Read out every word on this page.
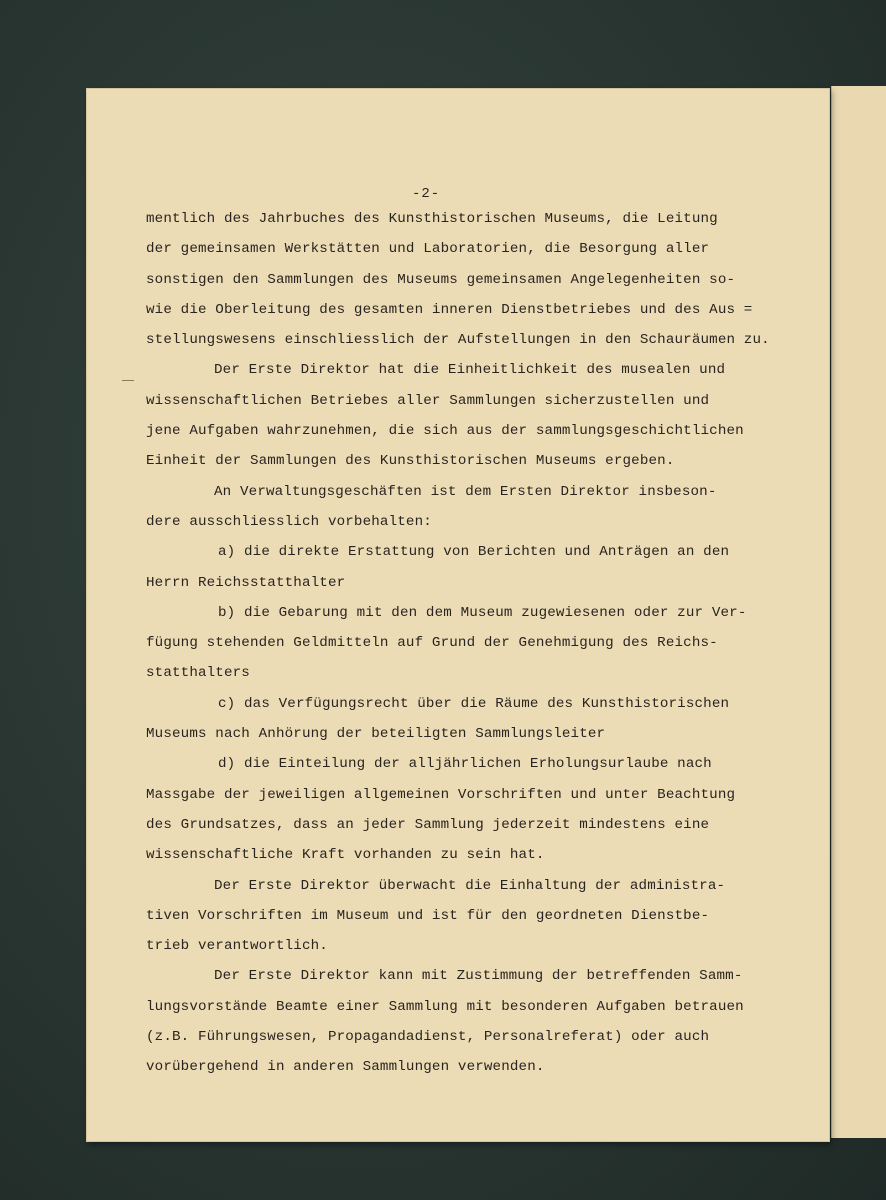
-2-
mentlich des Jahrbuches des Kunsthistorischen Museums, die Leitung
der gemeinsamen Werkstätten und Laboratorien, die Besorgung aller
sonstigen den Sammlungen des Museums gemeinsamen Angelegenheiten so-
wie die Oberleitung des gesamten inneren Dienstbetriebes und des Aus =
stellungswesens einschliesslich der Aufstellungen in den Schauräumen zu.
Der Erste Direktor hat die Einheitlichkeit des musealen und
wissenschaftlichen Betriebes aller Sammlungen sicherzustellen und
jene Aufgaben wahrzunehmen, die sich aus der sammlungsgeschichtlichen
Einheit der Sammlungen des Kunsthistorischen Museums ergeben.
An Verwaltungsgeschäften ist dem Ersten Direktor insbeson-
dere ausschliesslich vorbehalten:
a) die direkte Erstattung von Berichten und Anträgen an den
Herrn Reichsstatthalter
b) die Gebarung mit den dem Museum zugewiesenen oder zur Ver-
fügung stehenden Geldmitteln auf Grund der Genehmigung des Reichs-
statthalters
c) das Verfügungsrecht über die Räume des Kunsthistorischen
Museums nach Anhörung der beteiligten Sammlungsleiter
d) die Einteilung der alljährlichen Erholungsurlaube nach
Massgabe der jeweiligen allgemeinen Vorschriften und unter Beachtung
des Grundsatzes, dass an jeder Sammlung jederzeit mindestens eine
wissenschaftliche Kraft vorhanden zu sein hat.
Der Erste Direktor überwacht die Einhaltung der administra-
tiven Vorschriften im Museum und ist für den geordneten Dienstbe-
trieb verantwortlich.
Der Erste Direktor kann mit Zustimmung der betreffenden Samm-
lungsvorstände Beamte einer Sammlung mit besonderen Aufgaben betrauen
(z.B. Führungswesen, Propagandadienst, Personalreferat) oder auch
vorübergehend in anderen Sammlungen verwenden.
